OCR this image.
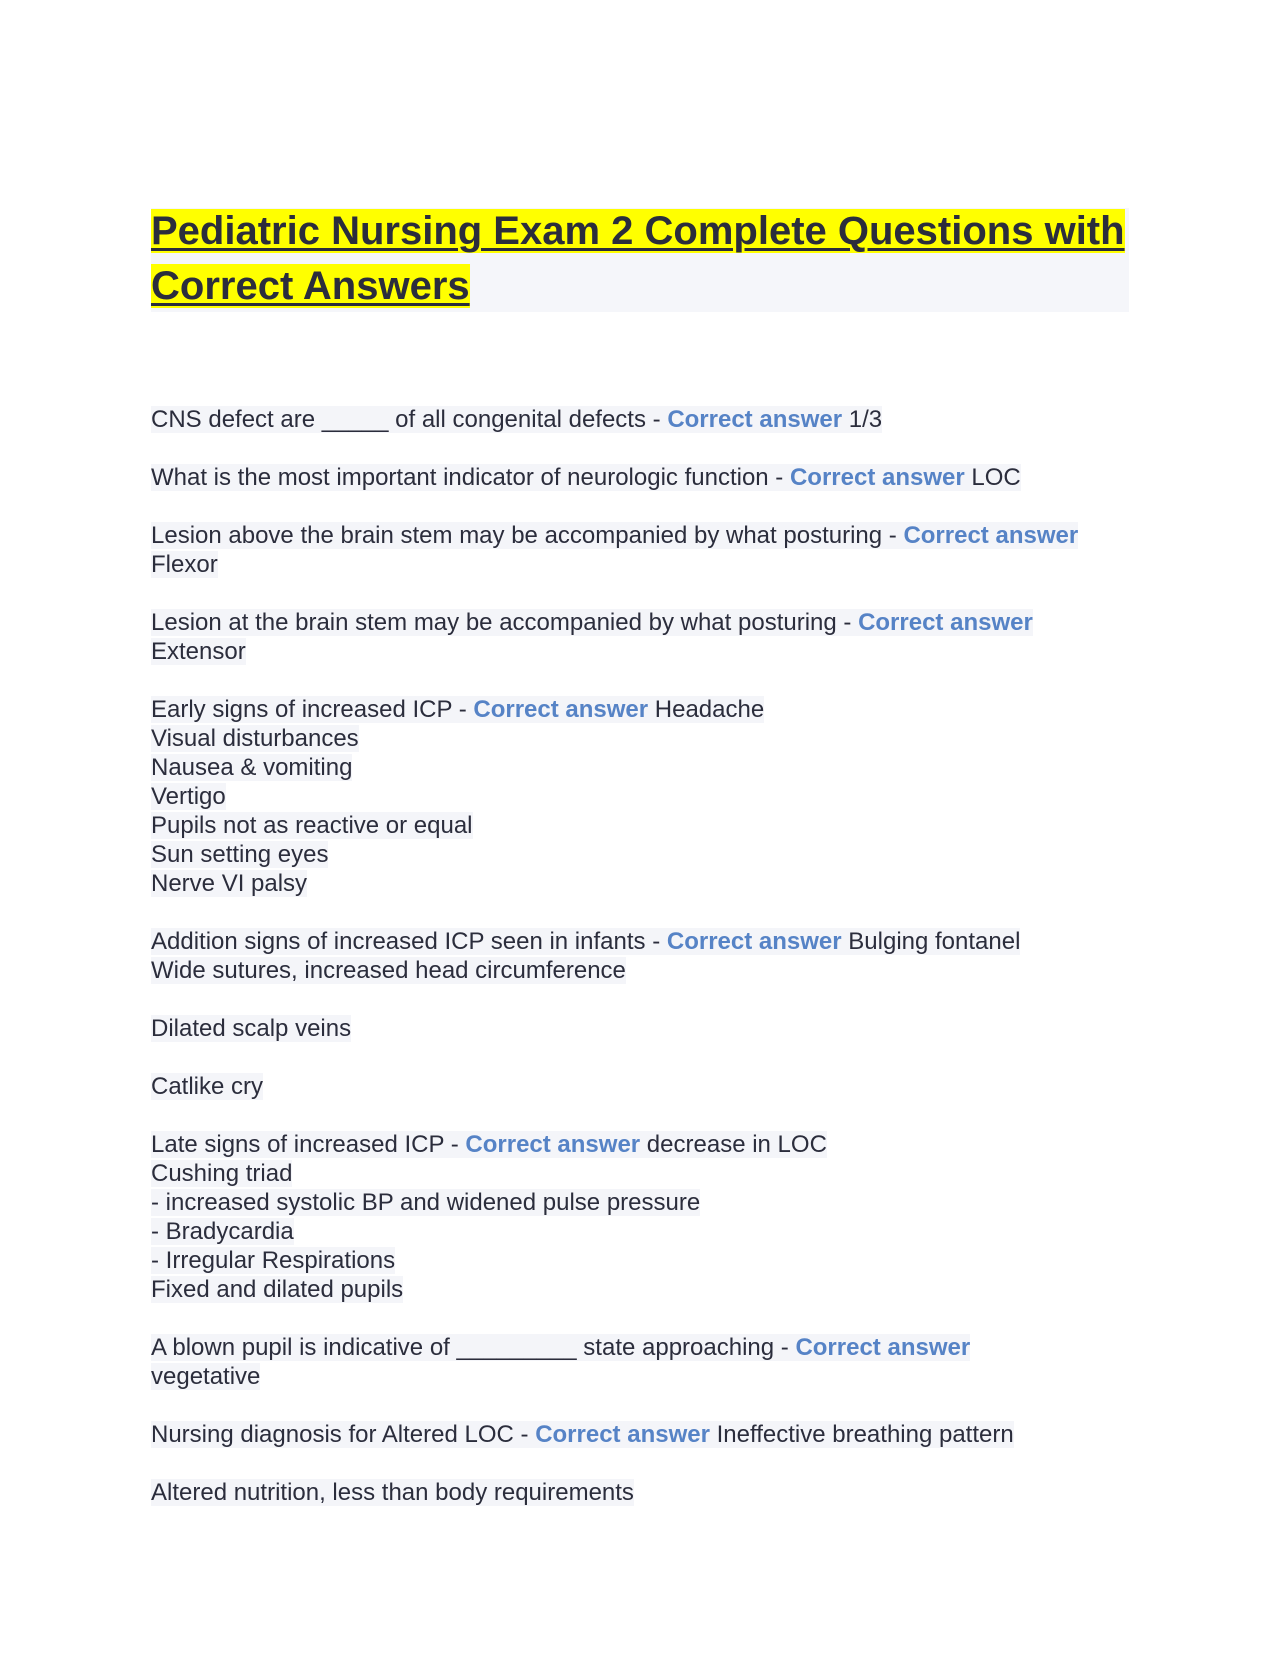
Pediatric Nursing Exam 2 Complete Questions with Correct Answers
CNS defect are _____ of all congenital defects - Correct answer 1/3
What is the most important indicator of neurologic function - Correct answer LOC
Lesion above the brain stem may be accompanied by what posturing - Correct answer
Flexor
Lesion at the brain stem may be accompanied by what posturing - Correct answer
Extensor
Early signs of increased ICP - Correct answer Headache
Visual disturbances
Nausea & vomiting
Vertigo
Pupils not as reactive or equal
Sun setting eyes
Nerve VI palsy
Addition signs of increased ICP seen in infants - Correct answer Bulging fontanel
Wide sutures, increased head circumference
Dilated scalp veins
Catlike cry
Late signs of increased ICP - Correct answer decrease in LOC
Cushing triad
- increased systolic BP and widened pulse pressure
- Bradycardia
- Irregular Respirations
Fixed and dilated pupils
A blown pupil is indicative of _________ state approaching - Correct answer
vegetative
Nursing diagnosis for Altered LOC - Correct answer Ineffective breathing pattern
Altered nutrition, less than body requirements
